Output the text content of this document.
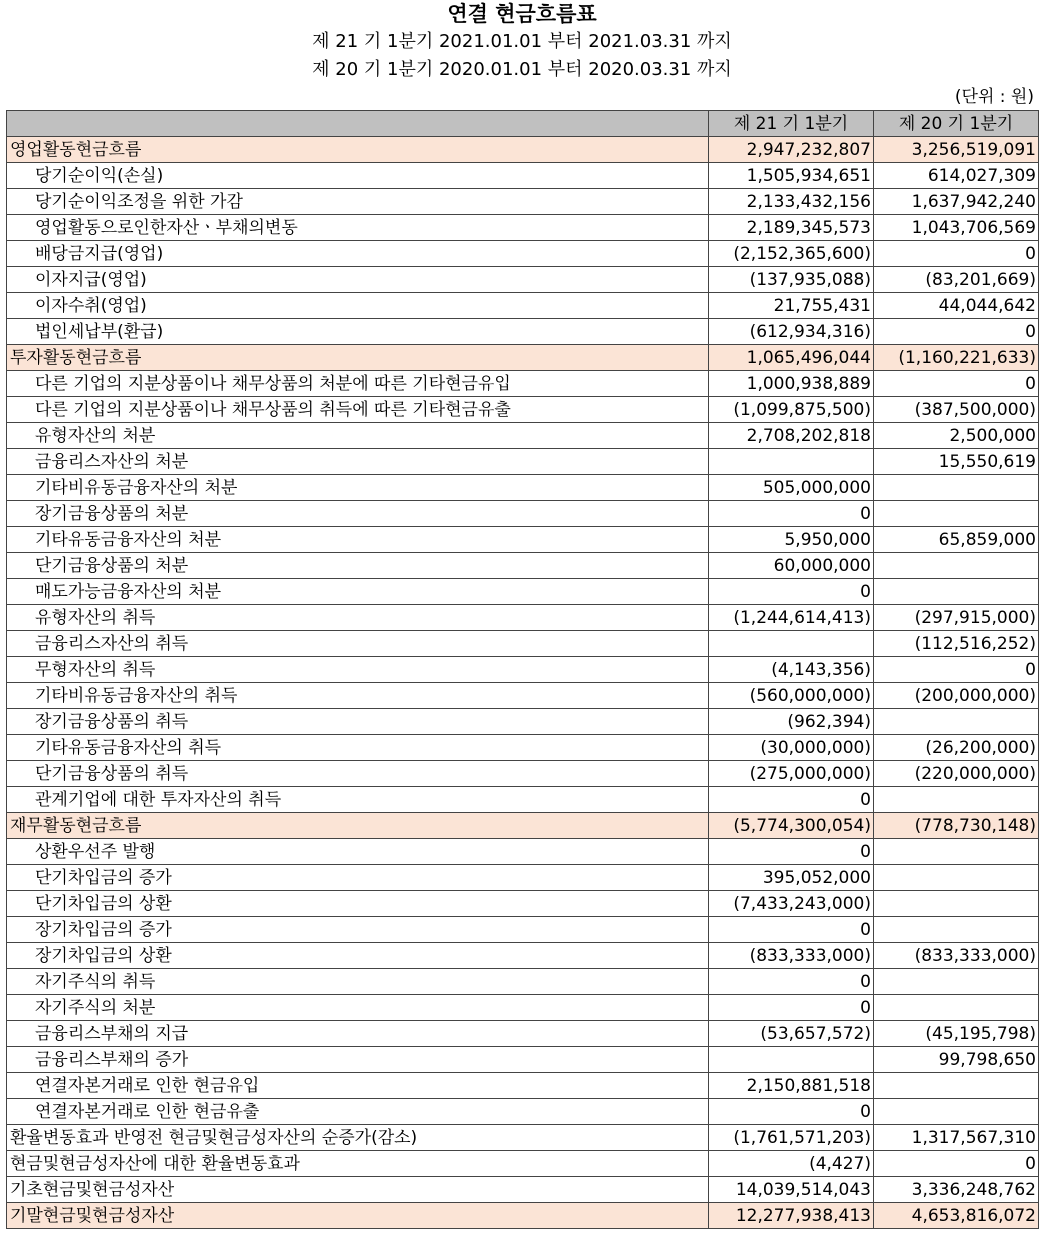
연결 현금흐름표
제 21 기 1분기 2021.01.01 부터 2021.03.31 까지
제 20 기 1분기 2020.01.01 부터 2020.03.31 까지
(단위 : 원)
	제 21 기 1분기	제 20 기 1분기
영업활동현금흐름	2,947,232,807	3,256,519,091
당기순이익(손실)	1,505,934,651	614,027,309
당기순이익조정을 위한 가감	2,133,432,156	1,637,942,240
영업활동으로인한자산ㆍ부채의변동	2,189,345,573	1,043,706,569
배당금지급(영업)	(2,152,365,600)	0
이자지급(영업)	(137,935,088)	(83,201,669)
이자수취(영업)	21,755,431	44,044,642
법인세납부(환급)	(612,934,316)	0
투자활동현금흐름	1,065,496,044	(1,160,221,633)
다른 기업의 지분상품이나 채무상품의 처분에 따른 기타현금유입	1,000,938,889	0
다른 기업의 지분상품이나 채무상품의 취득에 따른 기타현금유출	(1,099,875,500)	(387,500,000)
유형자산의 처분	2,708,202,818	2,500,000
금융리스자산의 처분		15,550,619
기타비유동금융자산의 처분	505,000,000	
장기금융상품의 처분	0	
기타유동금융자산의 처분	5,950,000	65,859,000
단기금융상품의 처분	60,000,000	
매도가능금융자산의 처분	0	
유형자산의 취득	(1,244,614,413)	(297,915,000)
금융리스자산의 취득		(112,516,252)
무형자산의 취득	(4,143,356)	0
기타비유동금융자산의 취득	(560,000,000)	(200,000,000)
장기금융상품의 취득	(962,394)	
기타유동금융자산의 취득	(30,000,000)	(26,200,000)
단기금융상품의 취득	(275,000,000)	(220,000,000)
관계기업에 대한 투자자산의 취득	0	
재무활동현금흐름	(5,774,300,054)	(778,730,148)
상환우선주 발행	0	
단기차입금의 증가	395,052,000	
단기차입금의 상환	(7,433,243,000)	
장기차입금의 증가	0	
장기차입금의 상환	(833,333,000)	(833,333,000)
자기주식의 취득	0	
자기주식의 처분	0	
금융리스부채의 지급	(53,657,572)	(45,195,798)
금융리스부채의 증가		99,798,650
연결자본거래로 인한 현금유입	2,150,881,518	
연결자본거래로 인한 현금유출	0	
환율변동효과 반영전 현금및현금성자산의 순증가(감소)	(1,761,571,203)	1,317,567,310
현금및현금성자산에 대한 환율변동효과	(4,427)	0
기초현금및현금성자산	14,039,514,043	3,336,248,762
기말현금및현금성자산	12,277,938,413	4,653,816,072
